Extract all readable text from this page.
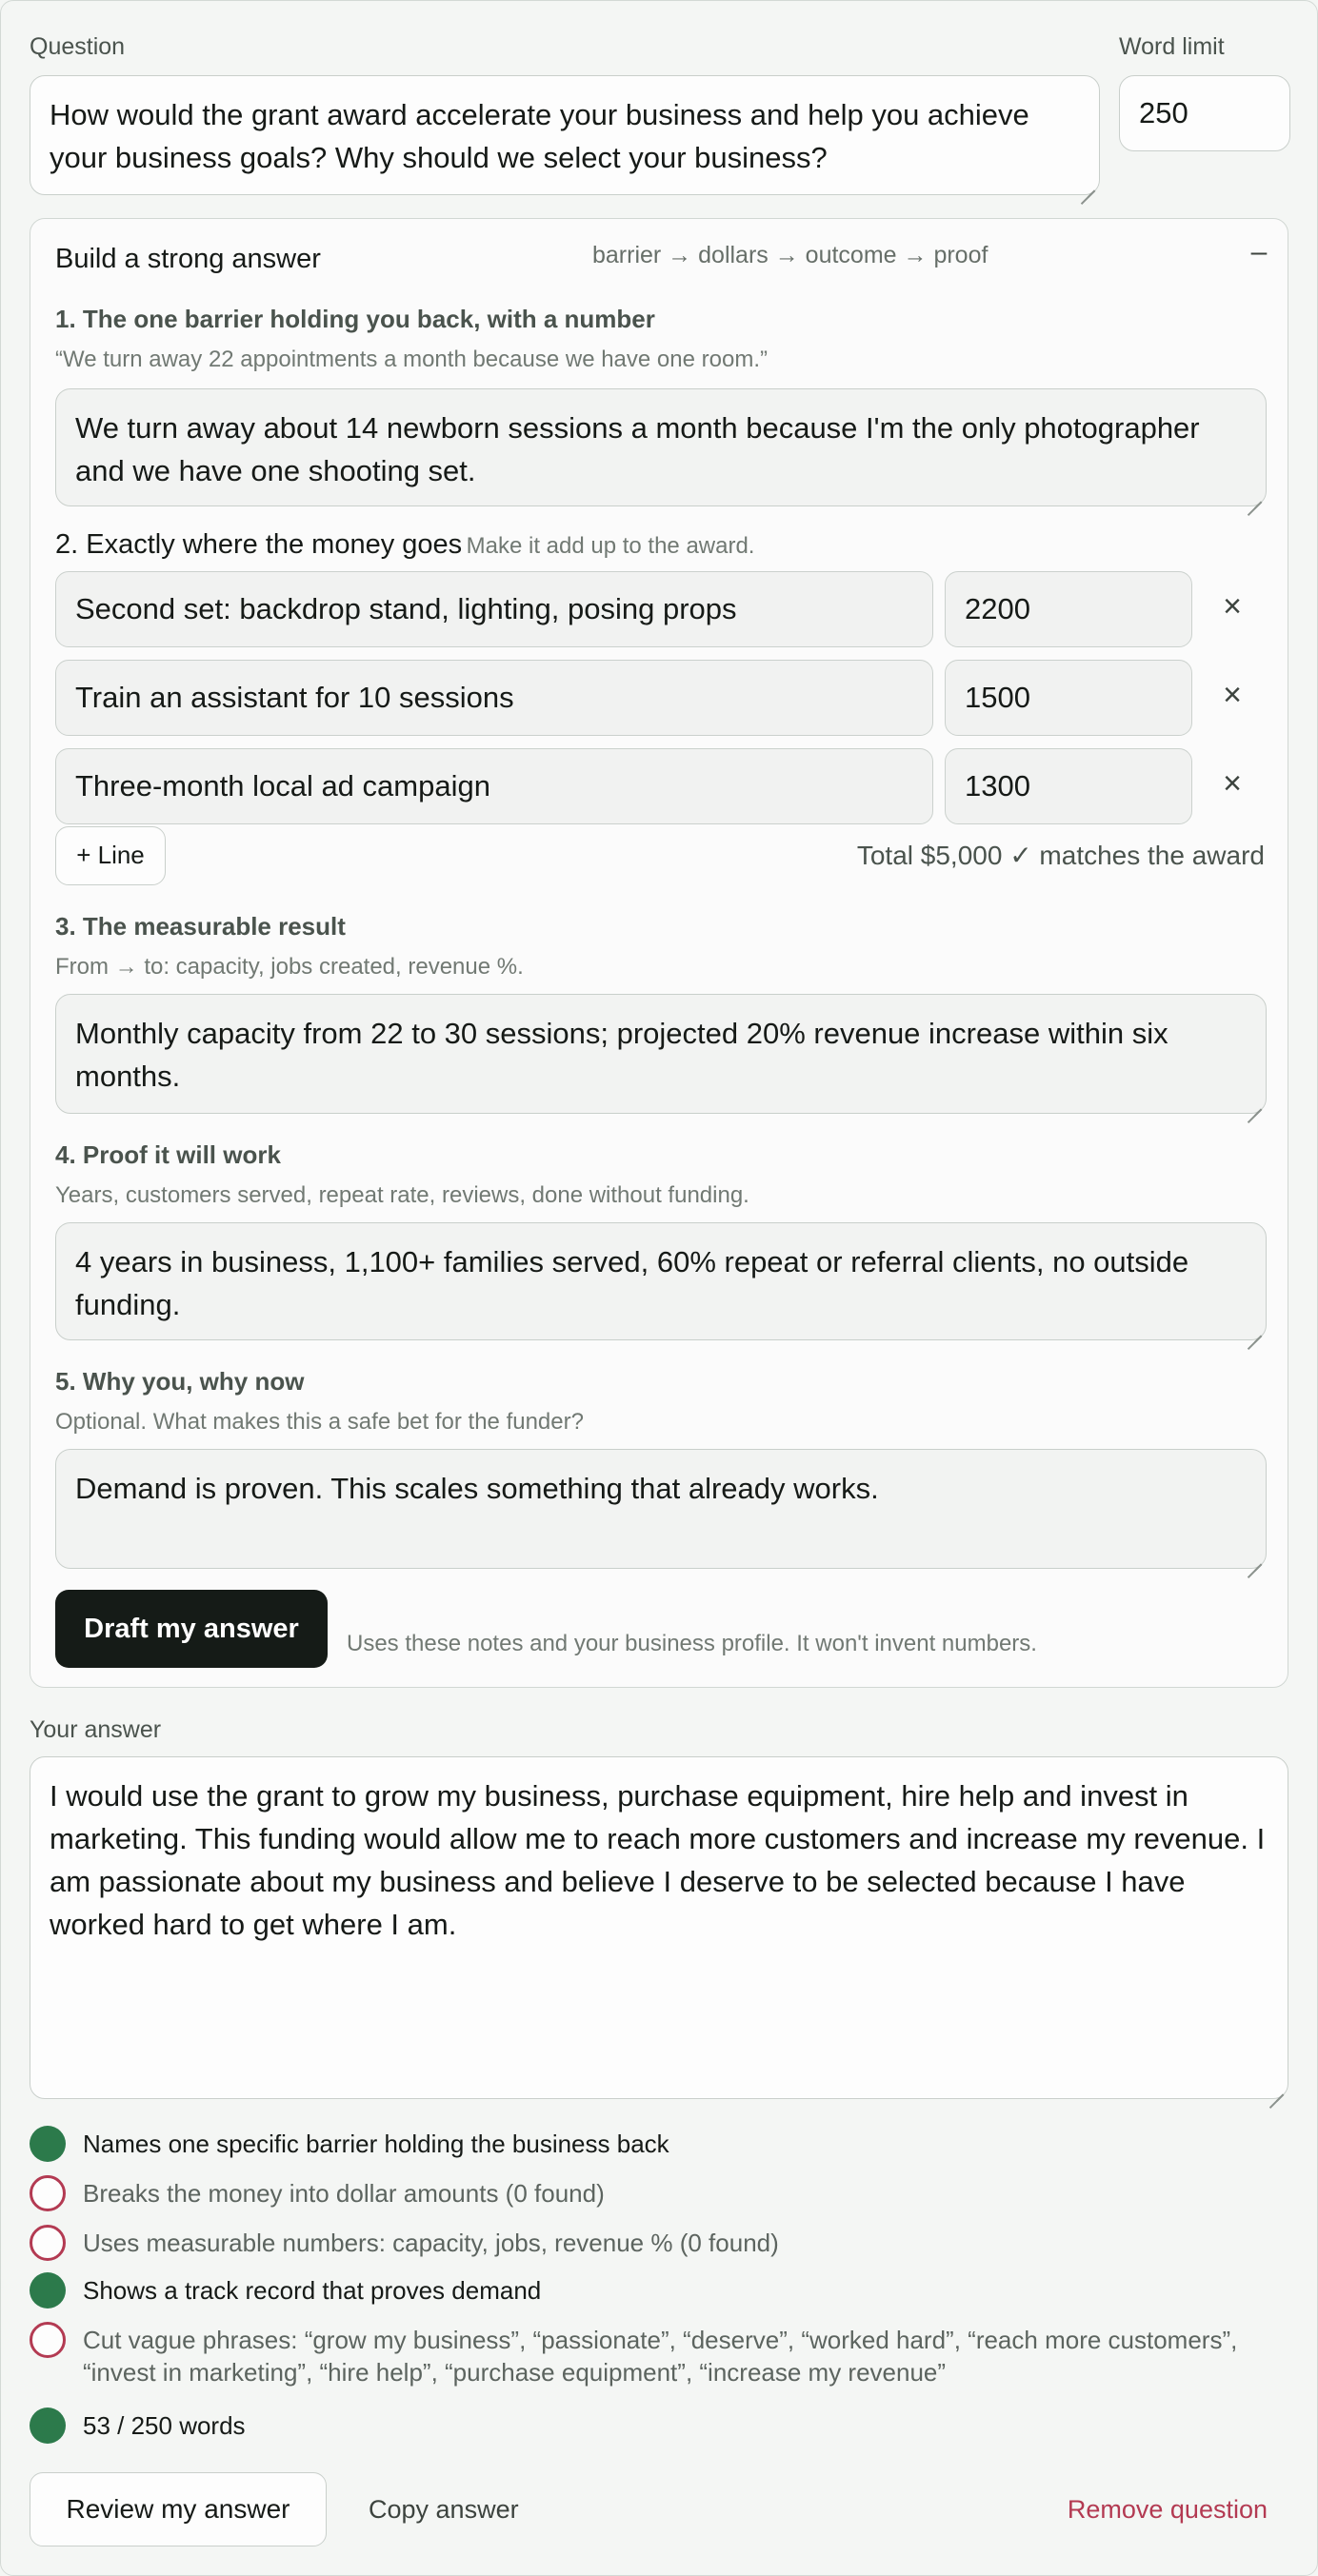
Question
How would the grant award accelerate your business and help you achieve your business goals? Why should we select your business?
Word limit
250
Build a strong answer	barrier → dollars → outcome → proof	–
1. The one barrier holding you back, with a number
“We turn away 22 appointments a month because we have one room.”
We turn away about 14 newborn sessions a month because I'm the only photographer and we have one shooting set.
2. Exactly where the money goes Make it add up to the award.
Second set: backdrop stand, lighting, posing props	2200	×
Train an assistant for 10 sessions	1500	×
Three-month local ad campaign	1300	×
+ Line	Total $5,000 ✓ matches the award
3. The measurable result
From → to: capacity, jobs created, revenue %.
Monthly capacity from 22 to 30 sessions; projected 20% revenue increase within six months.
4. Proof it will work
Years, customers served, repeat rate, reviews, done without funding.
4 years in business, 1,100+ families served, 60% repeat or referral clients, no outside funding.
5. Why you, why now
Optional. What makes this a safe bet for the funder?
Demand is proven. This scales something that already works.
Draft my answer	Uses these notes and your business profile. It won't invent numbers.
Your answer
I would use the grant to grow my business, purchase equipment, hire help and invest in marketing. This funding would allow me to reach more customers and increase my revenue. I am passionate about my business and believe I deserve to be selected because I have worked hard to get where I am.
Names one specific barrier holding the business back
Breaks the money into dollar amounts (0 found)
Uses measurable numbers: capacity, jobs, revenue % (0 found)
Shows a track record that proves demand
Cut vague phrases: “grow my business”, “passionate”, “deserve”, “worked hard”, “reach more customers”, “invest in marketing”, “hire help”, “purchase equipment”, “increase my revenue”
53 / 250 words
Review my answer	Copy answer	Remove question
